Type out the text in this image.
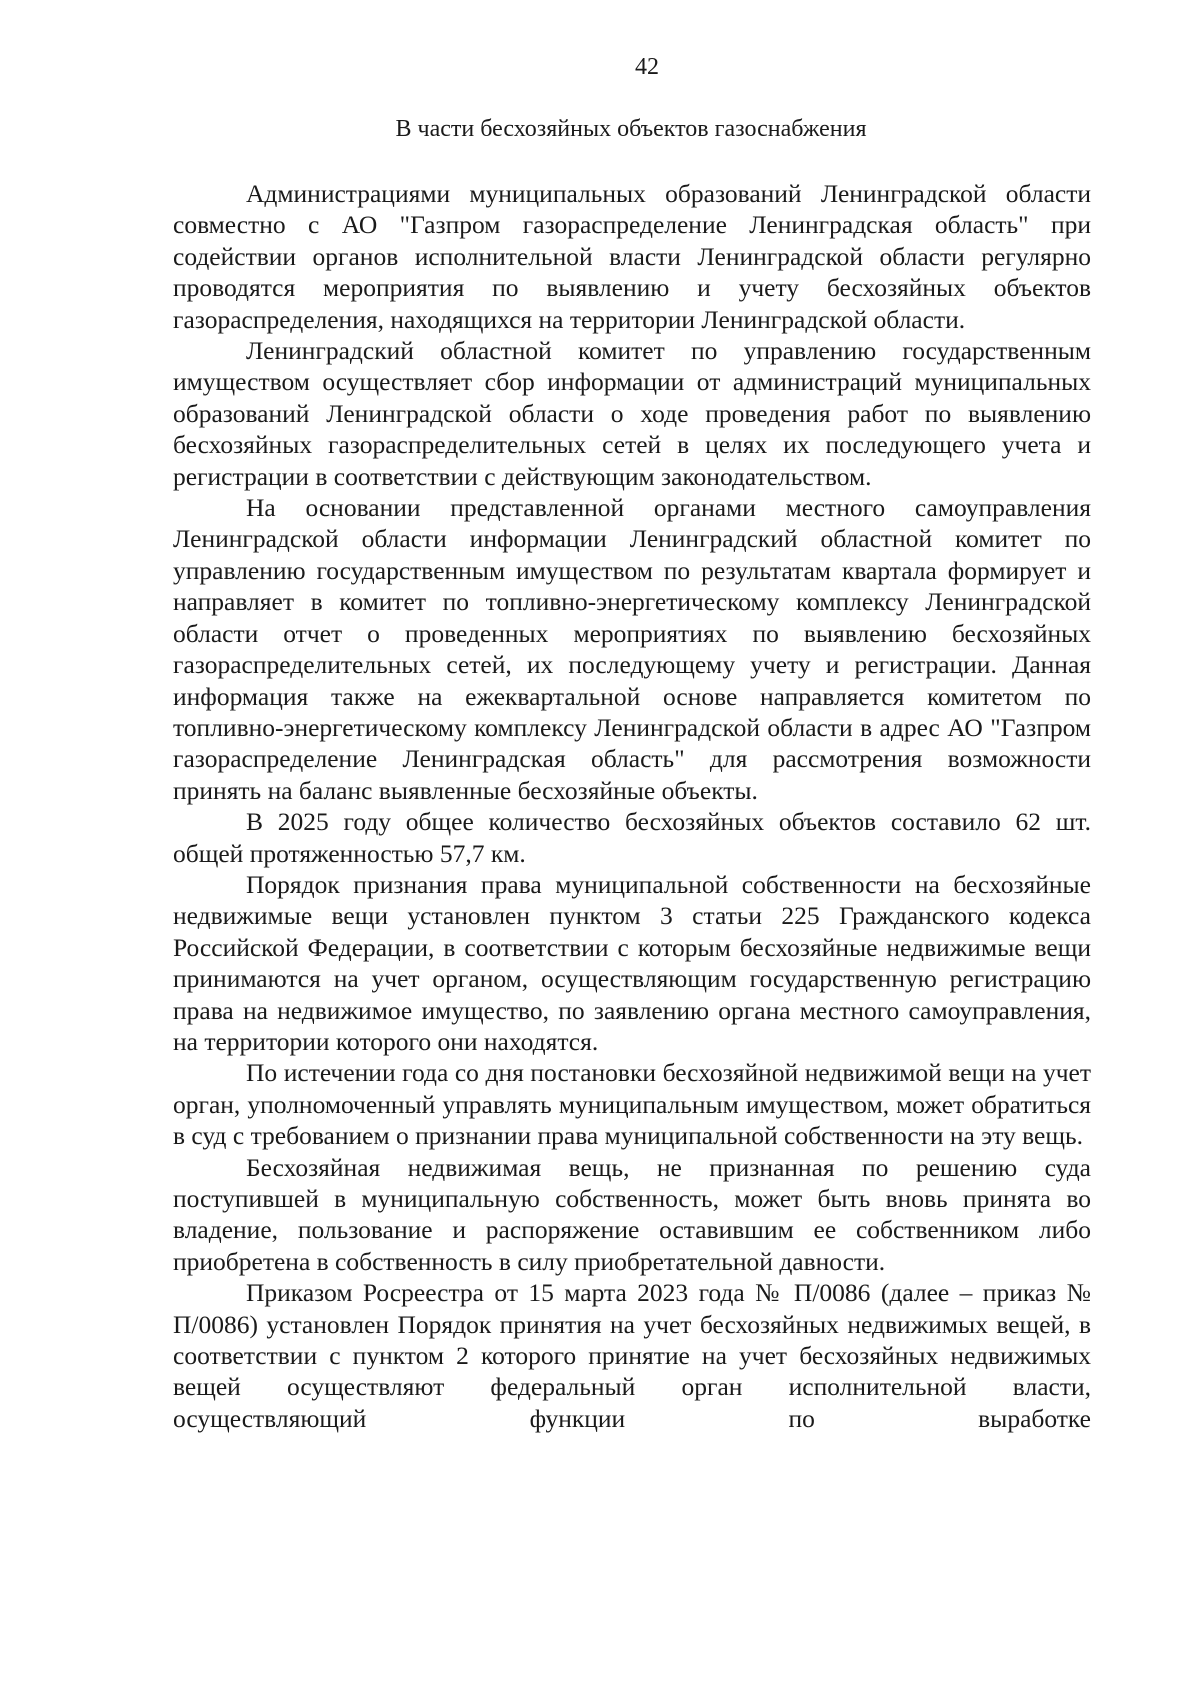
42
В части бесхозяйных объектов газоснабжения

Администрациями муниципальных образований Ленинградской области совместно с АО "Газпром газораспределение Ленинградская область" при содействии органов исполнительной власти Ленинградской области регулярно проводятся мероприятия по выявлению и учету бесхозяйных объектов газораспределения, находящихся на территории Ленинградской области.

Ленинградский областной комитет по управлению государственным имуществом осуществляет сбор информации от администраций муниципальных образований Ленинградской области о ходе проведения работ по выявлению бесхозяйных газораспределительных сетей в целях их последующего учета и регистрации в соответствии с действующим законодательством.

На основании представленной органами местного самоуправления Ленинградской области информации Ленинградский областной комитет по управлению государственным имуществом по результатам квартала формирует и направляет в комитет по топливно-энергетическому комплексу Ленинградской области отчет о проведенных мероприятиях по выявлению бесхозяйных газораспределительных сетей, их последующему учету и регистрации. Данная информация также на ежеквартальной основе направляется комитетом по топливно-энергетическому комплексу Ленинградской области в адрес АО "Газпром газораспределение Ленинградская область" для рассмотрения возможности принять на баланс выявленные бесхозяйные объекты.

В 2025 году общее количество бесхозяйных объектов составило 62 шт. общей протяженностью 57,7 км.

Порядок признания права муниципальной собственности на бесхозяйные недвижимые вещи установлен пунктом 3 статьи 225 Гражданского кодекса Российской Федерации, в соответствии с которым бесхозяйные недвижимые вещи принимаются на учет органом, осуществляющим государственную регистрацию права на недвижимое имущество, по заявлению органа местного самоуправления, на территории которого они находятся.

По истечении года со дня постановки бесхозяйной недвижимой вещи на учет орган, уполномоченный управлять муниципальным имуществом, может обратиться в суд с требованием о признании права муниципальной собственности на эту вещь.

Бесхозяйная недвижимая вещь, не признанная по решению суда поступившей в муниципальную собственность, может быть вновь принята во владение, пользование и распоряжение оставившим ее собственником либо приобретена в собственность в силу приобретательной давности.

Приказом Росреестра от 15 марта 2023 года № П/0086 (далее – приказ № П/0086) установлен Порядок принятия на учет бесхозяйных недвижимых вещей, в соответствии с пунктом 2 которого принятие на учет бесхозяйных недвижимых вещей осуществляют федеральный орган исполнительной власти, осуществляющий функции по выработке
